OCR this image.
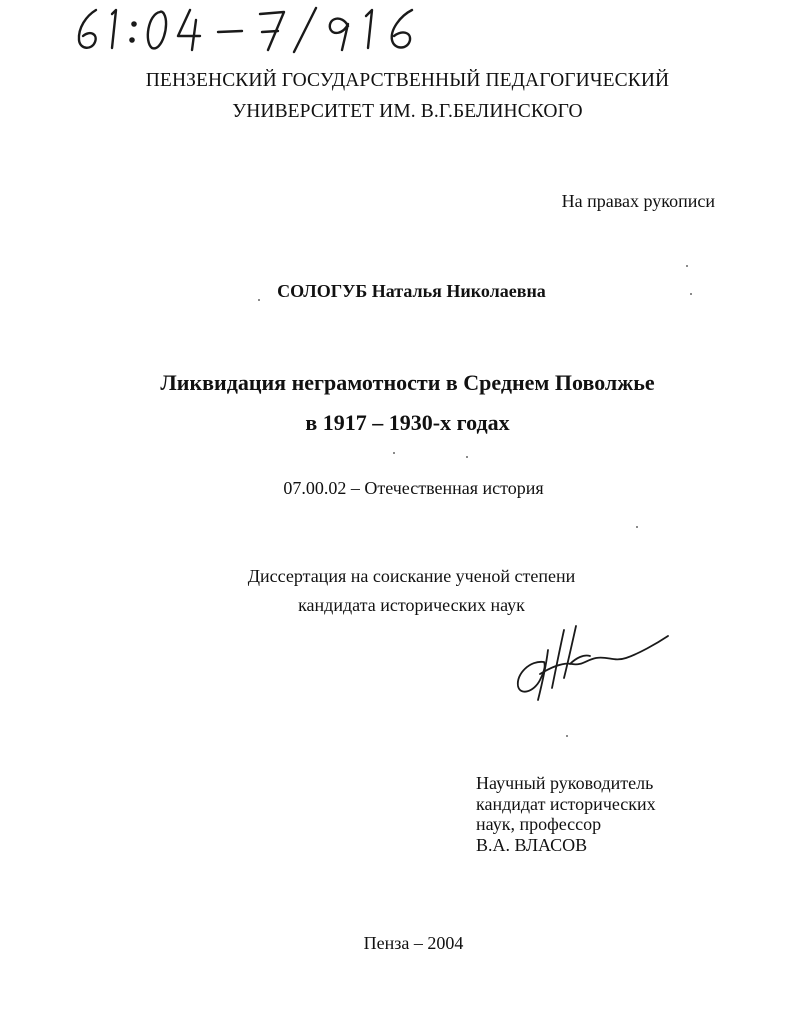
ПЕНЗЕНСКИЙ ГОСУДАРСТВЕННЫЙ ПЕДАГОГИЧЕСКИЙ
УНИВЕРСИТЕТ ИМ. В.Г.БЕЛИНСКОГО
На правах рукописи
СОЛОГУБ Наталья Николаевна
Ликвидация неграмотности в Среднем Поволжье
в 1917 – 1930-х годах
07.00.02 – Отечественная история
Диссертация на соискание ученой степени
кандидата исторических наук
Научный руководитель
кандидат исторических
наук, профессор
В.А. ВЛАСОВ
Пенза – 2004
